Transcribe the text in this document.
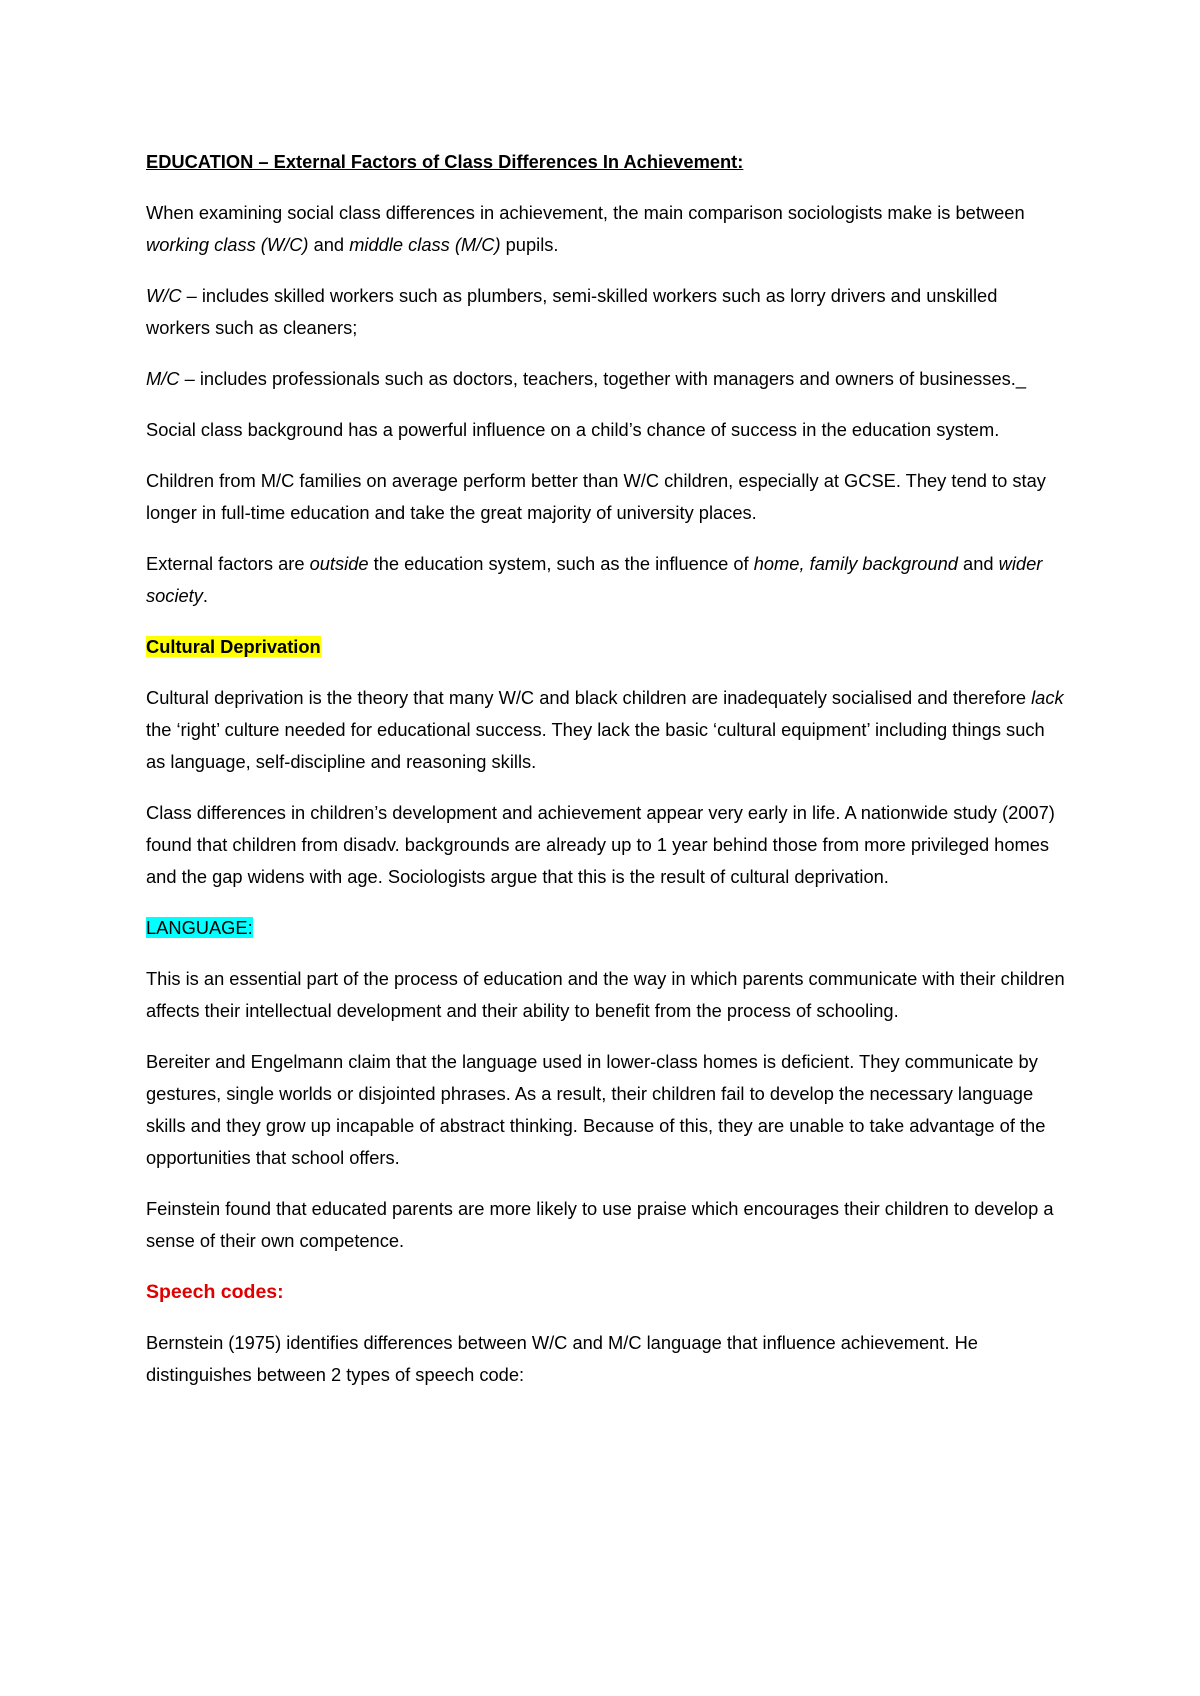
EDUCATION – External Factors of Class Differences In Achievement:

When examining social class differences in achievement, the main comparison sociologists make is between working class (W/C) and middle class (M/C) pupils.

W/C – includes skilled workers such as plumbers, semi-skilled workers such as lorry drivers and unskilled workers such as cleaners;

M/C – includes professionals such as doctors, teachers, together with managers and owners of businesses._

Social class background has a powerful influence on a child’s chance of success in the education system.

Children from M/C families on average perform better than W/C children, especially at GCSE. They tend to stay longer in full-time education and take the great majority of university places.

External factors are outside the education system, such as the influence of home, family background and wider society.

Cultural Deprivation

Cultural deprivation is the theory that many W/C and black children are inadequately socialised and therefore lack the ‘right’ culture needed for educational success. They lack the basic ‘cultural equipment’ including things such as language, self-discipline and reasoning skills.

Class differences in children’s development and achievement appear very early in life. A nationwide study (2007) found that children from disadv. backgrounds are already up to 1 year behind those from more privileged homes and the gap widens with age. Sociologists argue that this is the result of cultural deprivation.

LANGUAGE:

This is an essential part of the process of education and the way in which parents communicate with their children affects their intellectual development and their ability to benefit from the process of schooling.

Bereiter and Engelmann claim that the language used in lower-class homes is deficient. They communicate by gestures, single worlds or disjointed phrases. As a result, their children fail to develop the necessary language skills and they grow up incapable of abstract thinking. Because of this, they are unable to take advantage of the opportunities that school offers.

Feinstein found that educated parents are more likely to use praise which encourages their children to develop a sense of their own competence.

Speech codes:

Bernstein (1975) identifies differences between W/C and M/C language that influence achievement. He distinguishes between 2 types of speech code:
